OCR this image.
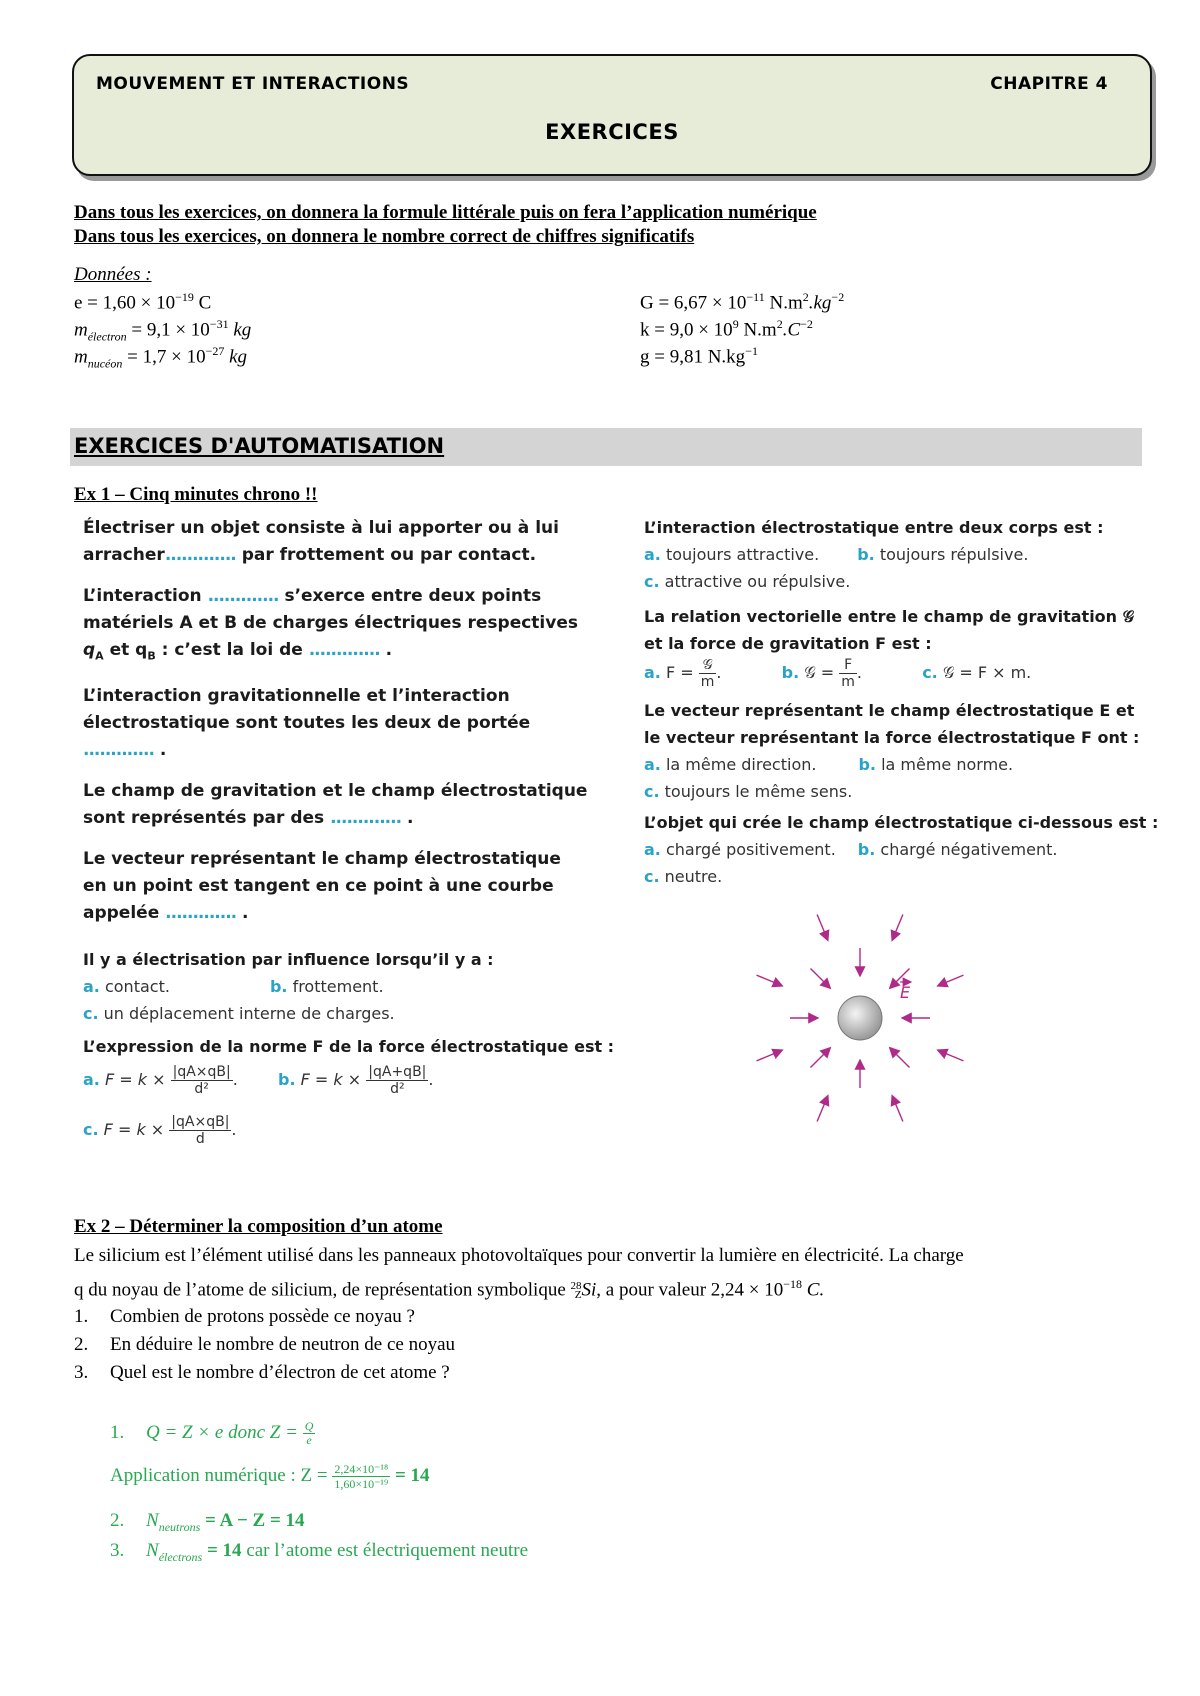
MOUVEMENT ET INTERACTIONS	CHAPITRE 4
EXERCICES
Dans tous les exercices, on donnera la formule littérale puis on fera l’application numérique
Dans tous les exercices, on donnera le nombre correct de chiffres significatifs
Données :
$e = 1,60 \times 10^{-19}$ C
$m_{électron} = 9,1 \times 10^{-31}$ kg
$m_{nucéon} = 1,7 \times 10^{-27}$ kg
$G = 6,67 \times 10^{-11}$ $N.m^2.kg^{-2}$
$k = 9,0 \times 10^9$ $N.m^2.C^{-2}$
g = 9,81 $N.kg^{-1}$
EXERCICES D'AUTOMATISATION
Ex 1 – Cinq minutes chrono !!
Électriser un objet consiste à lui apporter ou à lui
arracher............. par frottement ou par contact.
L’interaction ............. s’exerce entre deux points
matériels A et B de charges électriques respectives
$q_A$ et $q_B$ : c’est la loi de ............. .
L’interaction gravitationnelle et l’interaction
électrostatique sont toutes les deux de portée
............. .
Le champ de gravitation et le champ électrostatique
sont représentés par des ............. .
Le vecteur représentant le champ électrostatique
en un point est tangent en ce point à une courbe
appelée ............. .
Il y a électrisation par influence lorsqu’il y a :
a. contact.	b. frottement.
c. un déplacement interne de charges.
L’expression de la norme F de la force électrostatique est :
a. $F = k \times \frac{|qA\times qB|}{\text{d²}}$ .  b. $F = k \times \frac{|qA+qB|}{\text{d²}}$ .
c. $F = k \times \frac{|qA\times qB|}{d}$ .
L’interaction électrostatique entre deux corps est :
a. toujours attractive. b. toujours répulsive.
c. attractive ou répulsive.
La relation vectorielle entre le champ de gravitation 𝒢
et la force de gravitation F est :
a. $F = \frac{\text{𝒢}}{m}$ .	b. 𝒢 = $\frac{F}{m}$ .	c. 𝒢 = F × m.
Le vecteur représentant le champ électrostatique E et
le vecteur représentant la force électrostatique F ont :
a. la même direction.	b. la même norme.
c. toujours le même sens.
L’objet qui crée le champ électrostatique ci-dessous est :
a. chargé positivement. b. chargé négativement.
c. neutre.
E
Ex 2 – Déterminer la composition d’un atome
Le silicium est l’élément utilisé dans les panneaux photovoltaïques pour convertir la lumière en électricité. La charge
q du noyau de l’atome de silicium, de représentation symbolique 28
Z Si, a pour valeur $2,24 \times 10^{-18}$ C.
1. Combien de protons possède ce noyau ?
2. En déduire le nombre de neutron de ce noyau
3. Quel est le nombre d’électron de cet atome ?
1. Q = Z × e donc $Z = \frac{Q}{e}$
Application numérique : $Z = \frac{\text{2,24×10⁻¹⁸}}{\text{1,60×10⁻¹⁹}} = 14$
2. $N_{neutrons} = A - Z = 14$
3. $N_{électrons} = 14$ car l’atome est électriquement neutre
